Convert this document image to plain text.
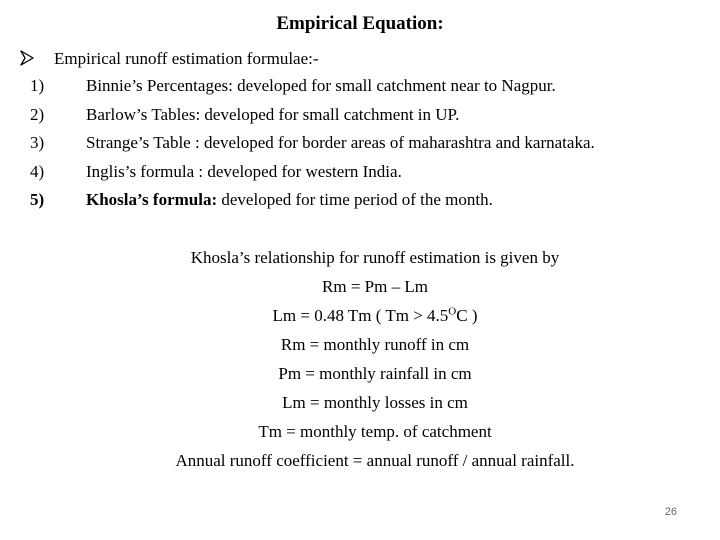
Empirical Equation:
Empirical runoff estimation formulae:-
1) Binnie’s Percentages: developed for small catchment near to Nagpur.
2) Barlow’s Tables: developed for small catchment in UP.
3) Strange’s Table : developed for border areas of maharashtra and karnataka.
4) Inglis’s formula : developed for western India.
5) Khosla’s formula: developed for time period of the month.
Khosla’s relationship for runoff estimation is given by
Rm = Pm – Lm
Lm = 0.48 Tm ( $Tm > 4.5^OC$ )
Rm = monthly runoff in cm
Pm = monthly rainfall in cm
Lm = monthly losses in cm
Tm = monthly temp. of catchment
Annual runoff coefficient = annual runoff / annual rainfall.
26
